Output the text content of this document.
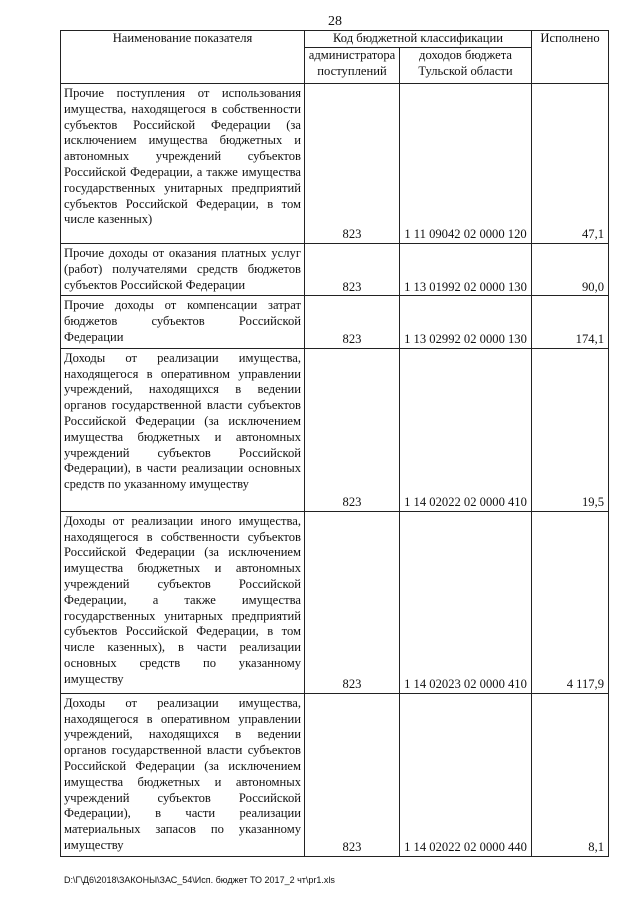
28
Наименование показателя	Код бюджетной классификации		Исполнено
	администратора поступлений	доходов бюджета Тульской области	
Прочие поступления от использования имущества, находящегося в собственности субъектов Российской Федерации (за исключением имущества бюджетных и автономных учреждений субъектов Российской Федерации, а также имущества государственных унитарных предприятий субъектов Российской Федерации, в том числе казенных)	823	1 11 09042 02 0000 120	47,1
Прочие доходы от оказания платных услуг (работ) получателями средств бюджетов субъектов Российской Федерации	823	1 13 01992 02 0000 130	90,0
Прочие доходы от компенсации затрат бюджетов субъектов Российской Федерации	823	1 13 02992 02 0000 130	174,1
Доходы от реализации имущества, находящегося в оперативном управлении учреждений, находящихся в ведении органов государственной власти субъектов Российской Федерации (за исключением имущества бюджетных и автономных учреждений субъектов Российской Федерации), в части реализации основных средств по указанному имуществу	823	1 14 02022 02 0000 410	19,5
Доходы от реализации иного имущества, находящегося в собственности субъектов Российской Федерации (за исключением имущества бюджетных и автономных учреждений субъектов Российской Федерации, а также имущества государственных унитарных предприятий субъектов Российской Федерации, в том числе казенных), в части реализации основных средств по указанному имуществу	823	1 14 02023 02 0000 410	4 117,9
Доходы от реализации имущества, находящегося в оперативном управлении учреждений, находящихся в ведении органов государственной власти субъектов Российской Федерации (за исключением имущества бюджетных и автономных учреждений субъектов Российской Федерации), в части реализации материальных запасов по указанному имуществу	823	1 14 02022 02 0000 440	8,1
D:\Г\Д6\2018\ЗАКОНЫ\ЗАС_54\Исп. бюджет ТО 2017_2 чт\pr1.xls
